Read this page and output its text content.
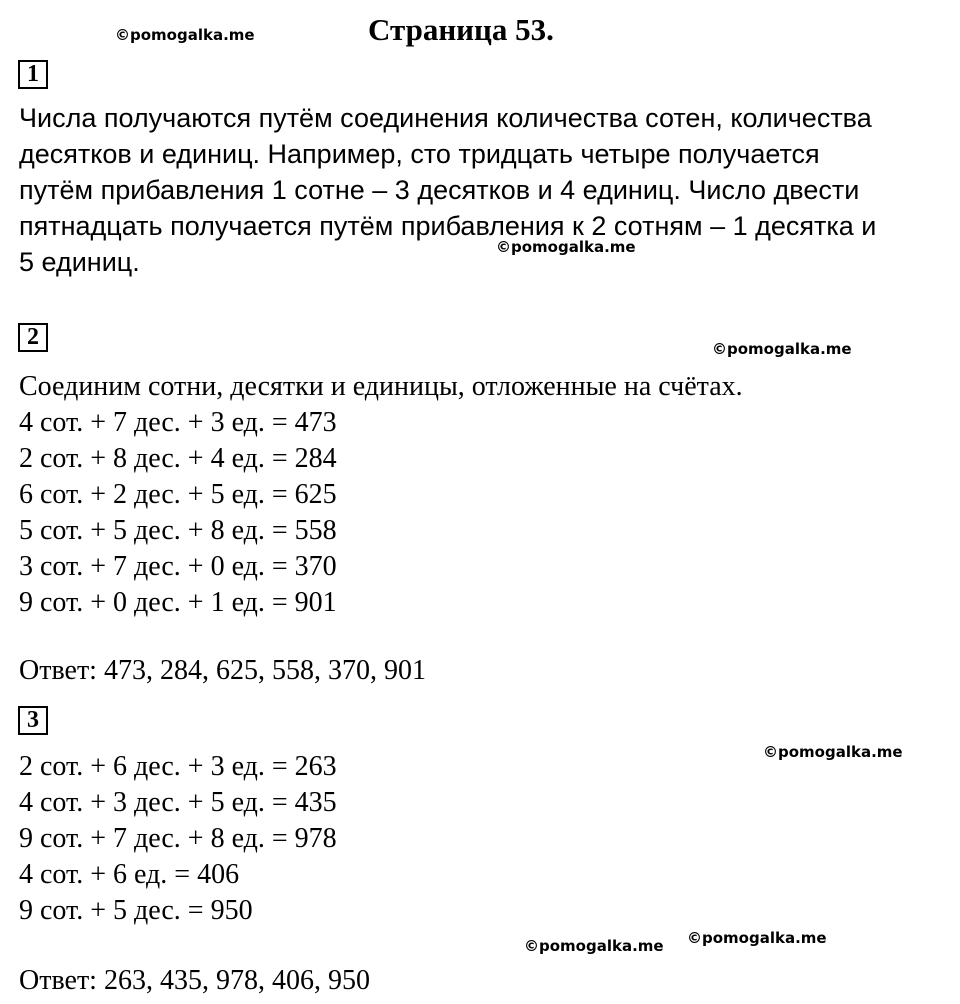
©pomogalka.me	Страница 53.
1
Числа получаются путём соединения количества сотен, количества
десятков и единиц. Например, сто тридцать четыре получается
путём прибавления 1 сотне – 3 десятков и 4 единиц. Число двести
пятнадцать получается путём прибавления к 2 сотням – 1 десятка и
5 единиц.	©pomogalka.me
2	©pomogalka.me
Соединим сотни, десятки и единицы, отложенные на счётах.
4 сот. + 7 дес. + 3 ед. = 473
2 сот. + 8 дес. + 4 ед. = 284
6 сот. + 2 дес. + 5 ед. = 625
5 сот. + 5 дес. + 8 ед. = 558
3 сот. + 7 дес. + 0 ед. = 370
9 сот. + 0 дес. + 1 ед. = 901
Ответ: 473, 284, 625, 558, 370, 901
3
©pomogalka.me
2 сот. + 6 дес. + 3 ед. = 263
4 сот. + 3 дес. + 5 ед. = 435
9 сот. + 7 дес. + 8 ед. = 978
4 сот. + 6 ед. = 406
9 сот. + 5 дес. = 950
©pomogalka.me
©pomogalka.me
Ответ: 263, 435, 978, 406, 950
